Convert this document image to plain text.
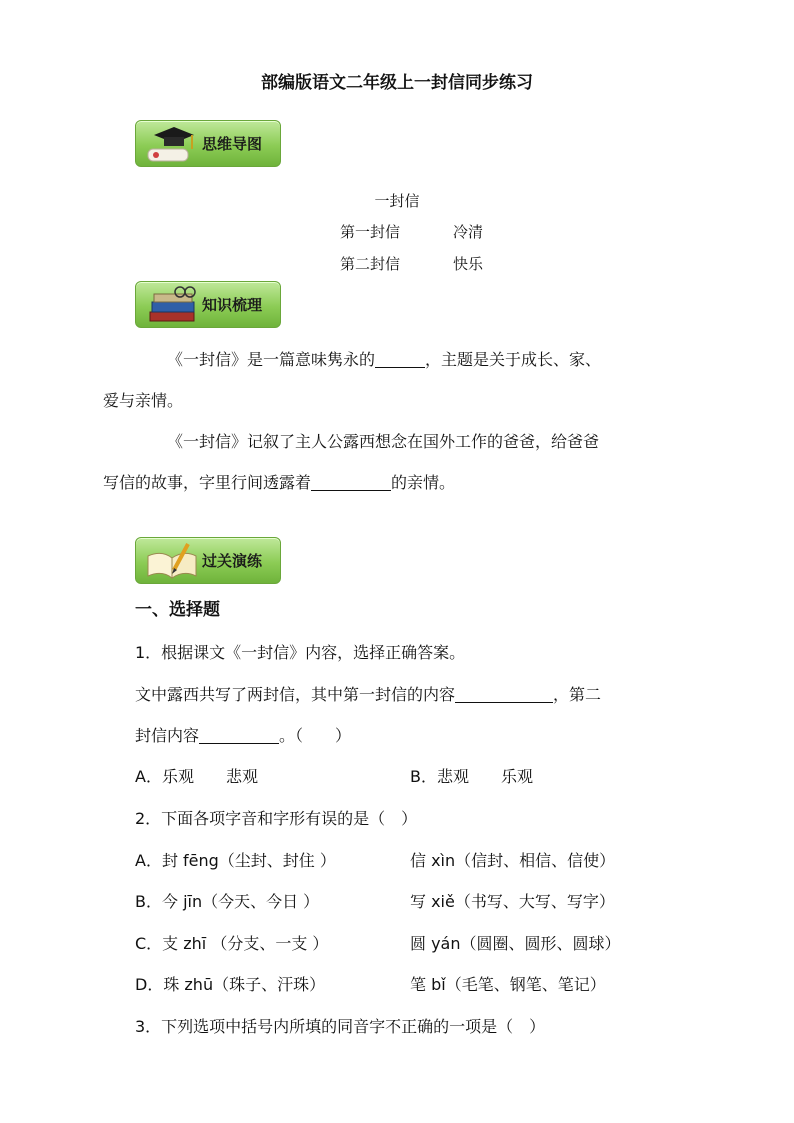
部编版语文二年级上一封信同步练习
思维导图
一封信
第一封信	冷清
第二封信	快乐
知识梳理
《一封信》是一篇意味隽永的	，主题是关于成长、家、
爱与亲情。
《一封信》记叙了主人公露西想念在国外工作的爸爸，给爸爸
写信的故事，字里行间透露着	的亲情。
过关演练
一、选择题
1．根据课文《一封信》内容，选择正确答案。
文中露西共写了两封信，其中第一封信的内容	，第二
封信内容	。（　　）
A．乐观　　悲观	B．悲观　　乐观
2．下面各项字音和字形有误的是（　）
A．封 fēng（尘封、封住 ）	信 xìn（信封、相信、信使）
B．今 jīn（今天、今日 ）	写 xiě（书写、大写、写字）
C．支 zhī （分支、一支 ）	圆 yán（圆圈、圆形、圆球）
D．珠 zhū（珠子、汗珠）	笔 bǐ（毛笔、钢笔、笔记）
3．下列选项中括号内所填的同音字不正确的一项是（　）
